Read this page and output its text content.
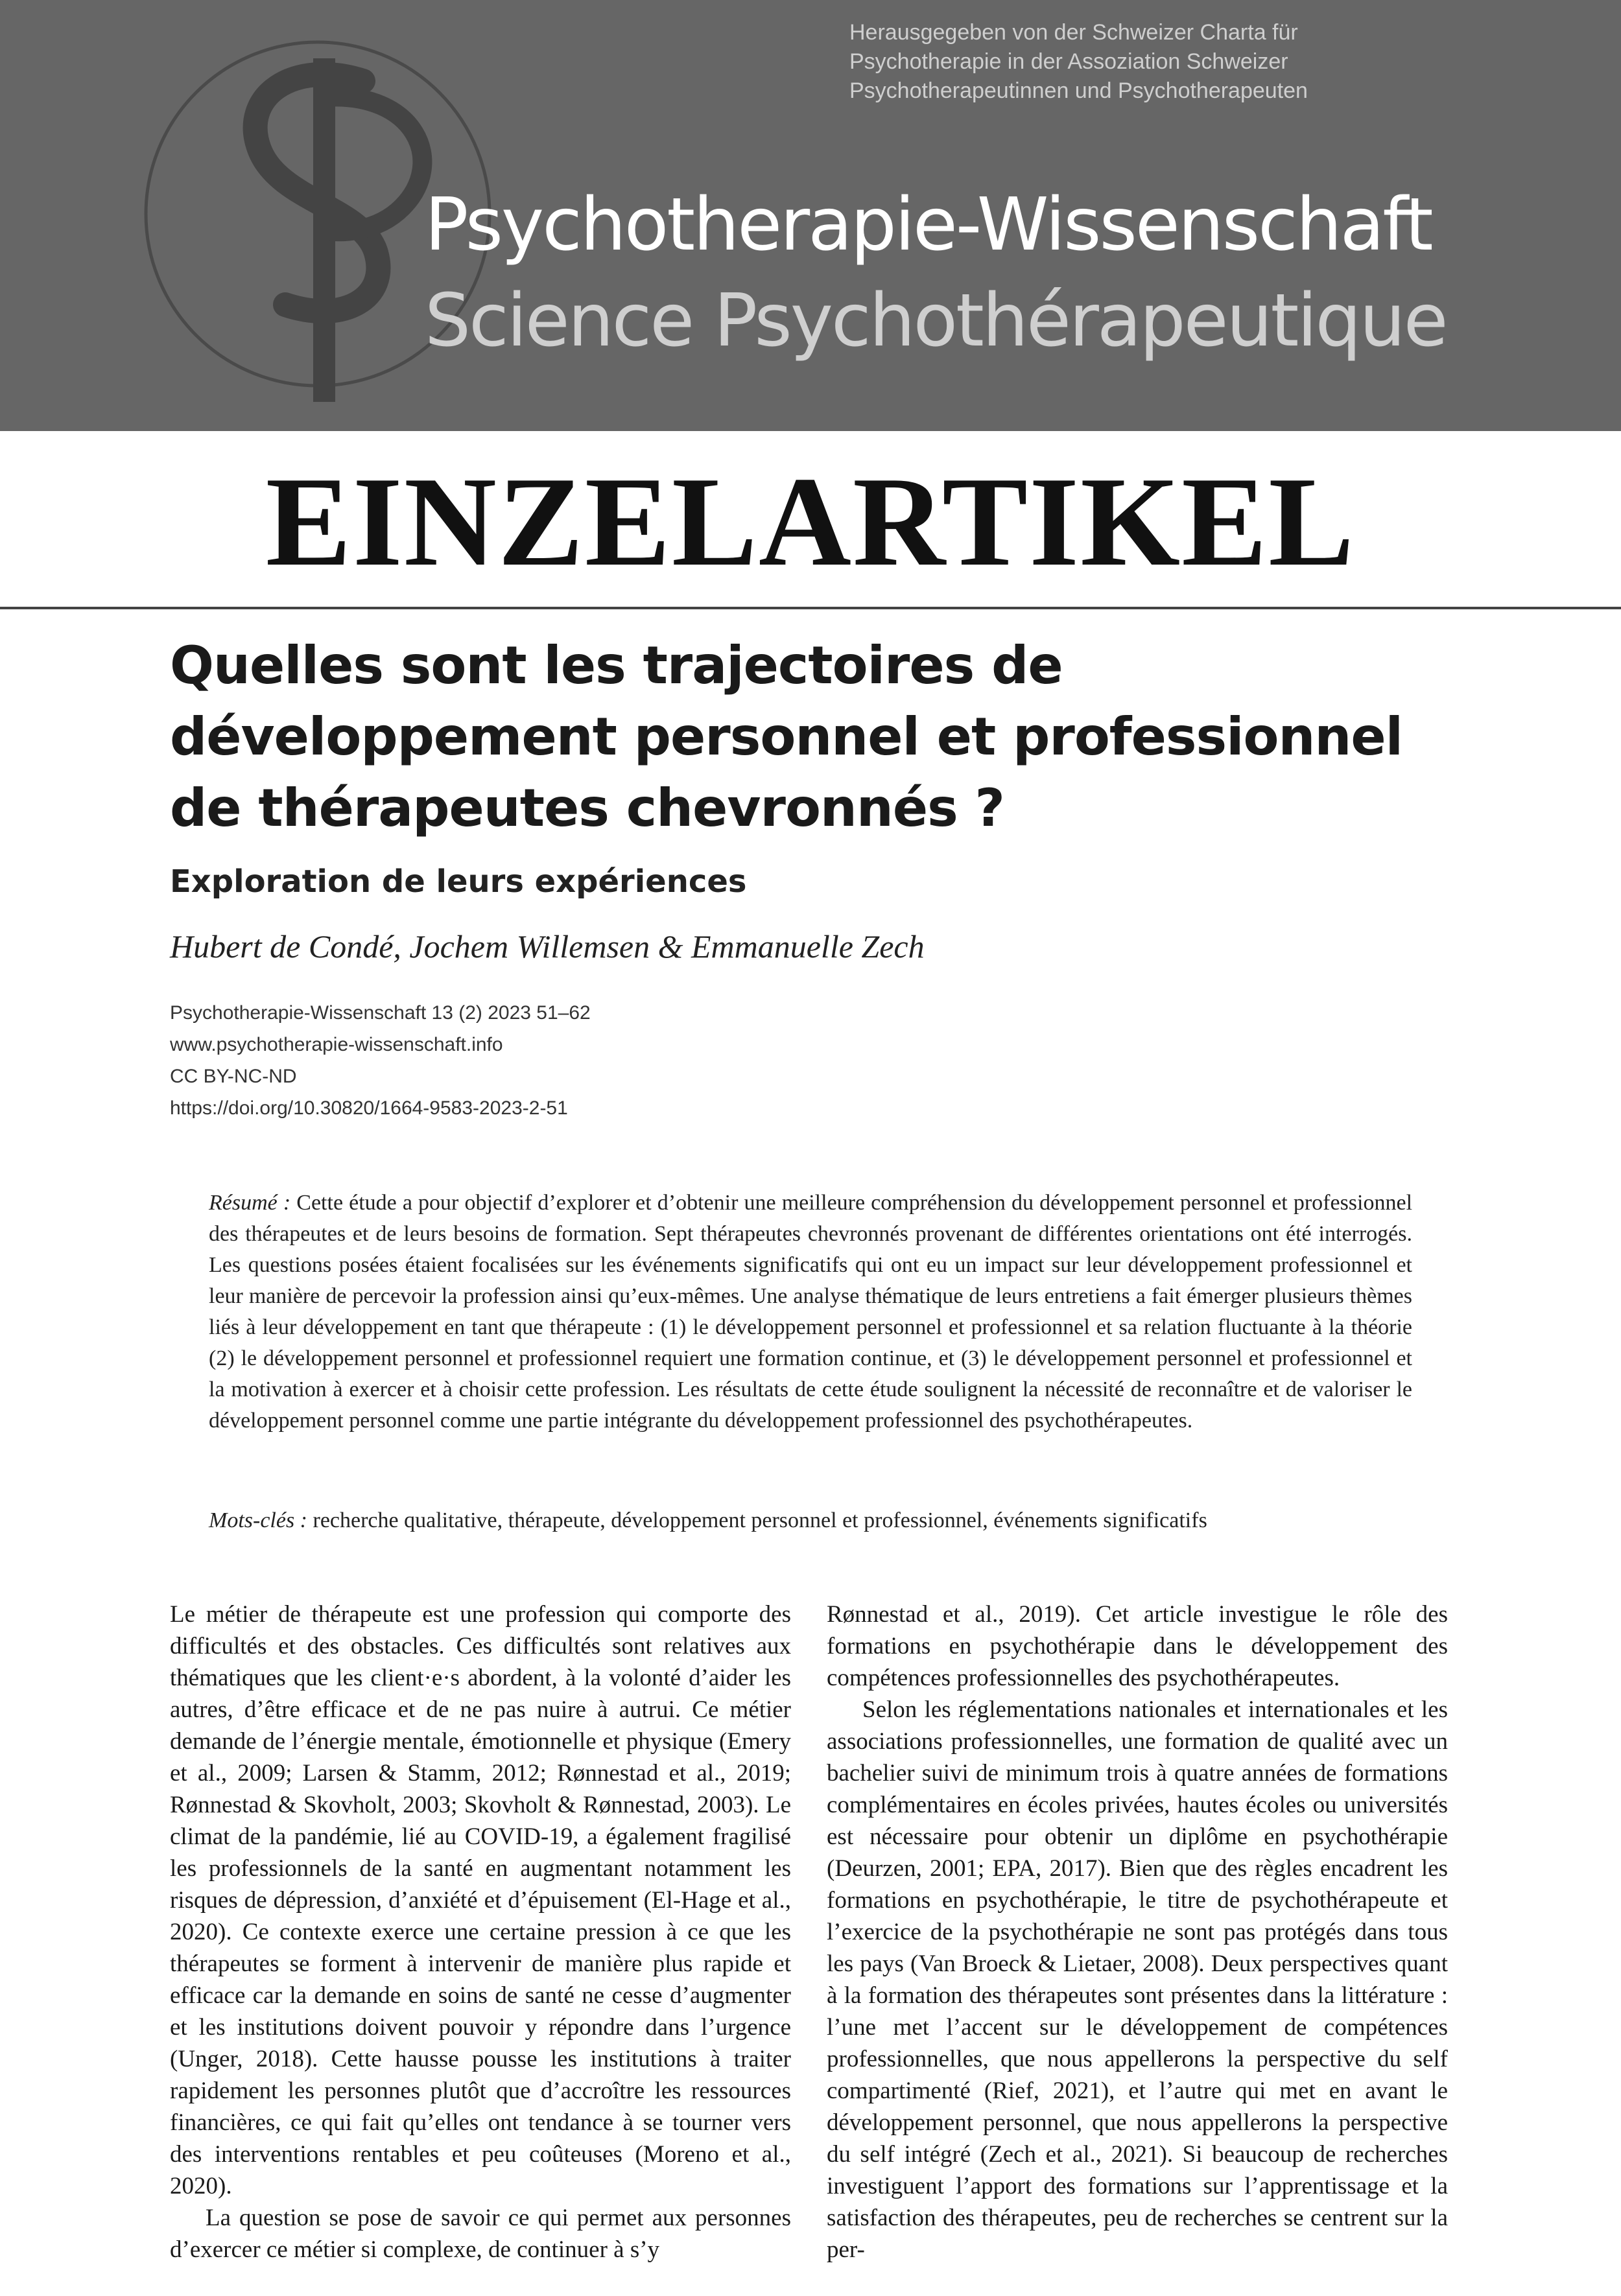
Herausgegeben von der Schweizer Charta für
Psychotherapie in der Assoziation Schweizer
Psychotherapeutinnen und Psychotherapeuten
Psychotherapie-Wissenschaft
Science Psychothérapeutique
EINZELARTIKEL
Quelles sont les trajectoires de développement personnel et professionnel de thérapeutes chevronnés ?
Exploration de leurs expériences
Hubert de Condé, Jochem Willemsen & Emmanuelle Zech
Psychotherapie-Wissenschaft 13 (2) 2023 51–62
www.psychotherapie-wissenschaft.info
CC BY-NC-ND
https://doi.org/10.30820/1664-9583-2023-2-51
Résumé : Cette étude a pour objectif d’explorer et d’obtenir une meilleure compréhension du développement personnel et professionnel des thérapeutes et de leurs besoins de formation. Sept thérapeutes chevronnés provenant de différentes orientations ont été interrogés. Les questions posées étaient focalisées sur les événements significatifs qui ont eu un impact sur leur développement professionnel et leur manière de percevoir la profession ainsi qu’eux-mêmes. Une analyse thématique de leurs entretiens a fait émerger plusieurs thèmes liés à leur développement en tant que thérapeute : (1) le développement personnel et professionnel et sa relation fluctuante à la théorie (2) le développement personnel et professionnel requiert une formation continue, et (3) le développement personnel et professionnel et la motivation à exercer et à choisir cette profession. Les résultats de cette étude soulignent la nécessité de reconnaître et de valoriser le développement personnel comme une partie intégrante du développement professionnel des psychothérapeutes.
Mots-clés : recherche qualitative, thérapeute, développement personnel et professionnel, événements significatifs

Le métier de thérapeute est une profession qui comporte des difficultés et des obstacles. Ces difficultés sont relatives aux thématiques que les client·e·s abordent, à la volonté d’aider les autres, d’être efficace et de ne pas nuire à autrui. Ce métier demande de l’énergie mentale, émotionnelle et physique (Emery et al., 2009; Larsen & Stamm, 2012; Rønnestad et al., 2019; Rønnestad & Skovholt, 2003; Skovholt & Rønnestad, 2003). Le climat de la pandémie, lié au COVID-19, a également fragilisé les professionnels de la santé en augmentant notamment les risques de dépression, d’anxiété et d’épuisement (El-Hage et al., 2020). Ce contexte exerce une certaine pression à ce que les thérapeutes se forment à intervenir de manière plus rapide et efficace car la demande en soins de santé ne cesse d’augmenter et les institutions doivent pouvoir y répondre dans l’urgence (Unger, 2018). Cette hausse pousse les institutions à traiter rapidement les personnes plutôt que d’accroître les ressources financières, ce qui fait qu’elles ont tendance à se tourner vers des interventions rentables et peu coûteuses (Moreno et al., 2020).

La question se pose de savoir ce qui permet aux personnes d’exercer ce métier si complexe, de continuer à s’y

Rønnestad et al., 2019). Cet article investigue le rôle des formations en psychothérapie dans le développement des compétences professionnelles des psychothérapeutes.

Selon les réglementations nationales et internationales et les associations professionnelles, une formation de qualité avec un bachelier suivi de minimum trois à quatre années de formations complémentaires en écoles privées, hautes écoles ou universités est nécessaire pour obtenir un diplôme en psychothérapie (Deurzen, 2001; EPA, 2017). Bien que des règles encadrent les formations en psychothérapie, le titre de psychothérapeute et l’exercice de la psychothérapie ne sont pas protégés dans tous les pays (Van Broeck & Lietaer, 2008). Deux perspectives quant à la formation des thérapeutes sont présentes dans la littérature : l’une met l’accent sur le développement de compétences professionnelles, que nous appellerons la perspective du self compartimenté (Rief, 2021), et l’autre qui met en avant le développement personnel, que nous appellerons la perspective du self intégré (Zech et al., 2021). Si beaucoup de recherches investiguent l’apport des formations sur l’apprentissage et la satisfaction des thérapeutes, peu de recherches se centrent sur la per-
